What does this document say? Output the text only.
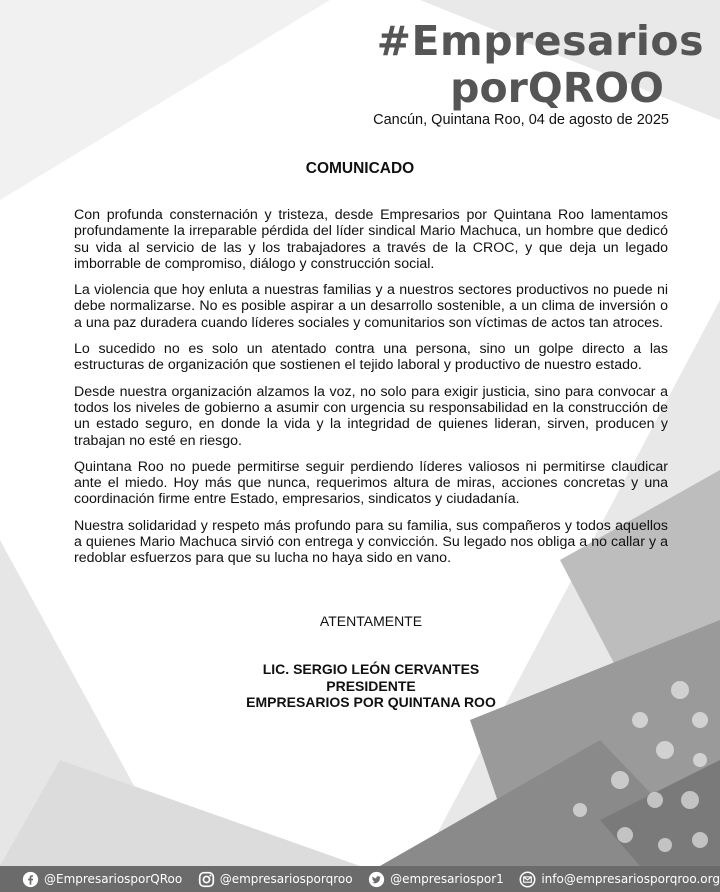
#Empresarios
porQROO
Cancún, Quintana Roo, 04 de agosto de 2025
COMUNICADO

Con profunda consternación y tristeza, desde Empresarios por Quintana Roo lamentamos profundamente la irreparable pérdida del líder sindical Mario Machuca, un hombre que dedicó su vida al servicio de las y los trabajadores a través de la CROC, y que deja un legado imborrable de compromiso, diálogo y construcción social.

La violencia que hoy enluta a nuestras familias y a nuestros sectores productivos no puede ni debe normalizarse. No es posible aspirar a un desarrollo sostenible, a un clima de inversión o a una paz duradera cuando líderes sociales y comunitarios son víctimas de actos tan atroces.

Lo sucedido no es solo un atentado contra una persona, sino un golpe directo a las estructuras de organización que sostienen el tejido laboral y productivo de nuestro estado.

Desde nuestra organización alzamos la voz, no solo para exigir justicia, sino para convocar a todos los niveles de gobierno a asumir con urgencia su responsabilidad en la construcción de un estado seguro, en donde la vida y la integridad de quienes lideran, sirven, producen y trabajan no esté en riesgo.

Quintana Roo no puede permitirse seguir perdiendo líderes valiosos ni permitirse claudicar ante el miedo. Hoy más que nunca, requerimos altura de miras, acciones concretas y una coordinación firme entre Estado, empresarios, sindicatos y ciudadanía.

Nuestra solidaridad y respeto más profundo para su familia, sus compañeros y todos aquellos a quienes Mario Machuca sirvió con entrega y convicción. Su legado nos obliga a no callar y a redoblar esfuerzos para que su lucha no haya sido en vano.

ATENTAMENTE
LIC. SERGIO LEÓN CERVANTES
PRESIDENTE
EMPRESARIOS POR QUINTANA ROO
@EmpresariosporQRoo	@empresariosporqroo	@empresariospor1	info@empresariosporqroo.org
